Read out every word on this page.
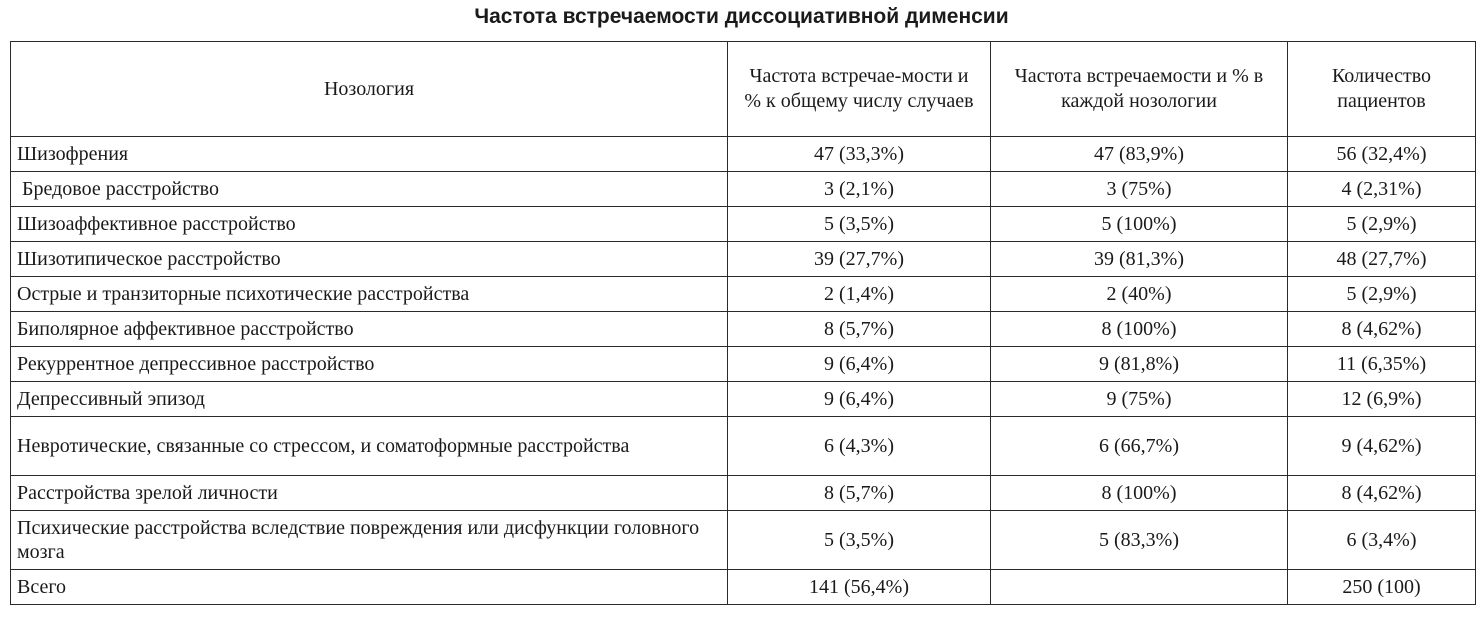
Частота встречаемости диссоциативной дименсии
Нозология	Частота встречае-мости и % к общему числу случаев	Частота встречаемости и % в каждой нозологии	Количество пациентов
Шизофрения	47 (33,3%)	47 (83,9%)	56 (32,4%)
Бредовое расстройство	3 (2,1%)	3 (75%)	4 (2,31%)
Шизоаффективное расстройство	5 (3,5%)	5 (100%)	5 (2,9%)
Шизотипическое расстройство	39 (27,7%)	39 (81,3%)	48 (27,7%)
Острые и транзиторные психотические расстройства	2 (1,4%)	2 (40%)	5 (2,9%)
Биполярное аффективное расстройство	8 (5,7%)	8 (100%)	8 (4,62%)
Рекуррентное депрессивное расстройство	9 (6,4%)	9 (81,8%)	11 (6,35%)
Депрессивный эпизод	9 (6,4%)	9 (75%)	12 (6,9%)
Невротические, связанные со стрессом, и соматоформные расстройства	6 (4,3%)	6 (66,7%)	9 (4,62%)
Расстройства зрелой личности	8 (5,7%)	8 (100%)	8 (4,62%)
Психические расстройства вследствие повреждения или дисфункции головного мозга	5 (3,5%)	5 (83,3%)	6 (3,4%)
Всего	141 (56,4%)		250 (100)
